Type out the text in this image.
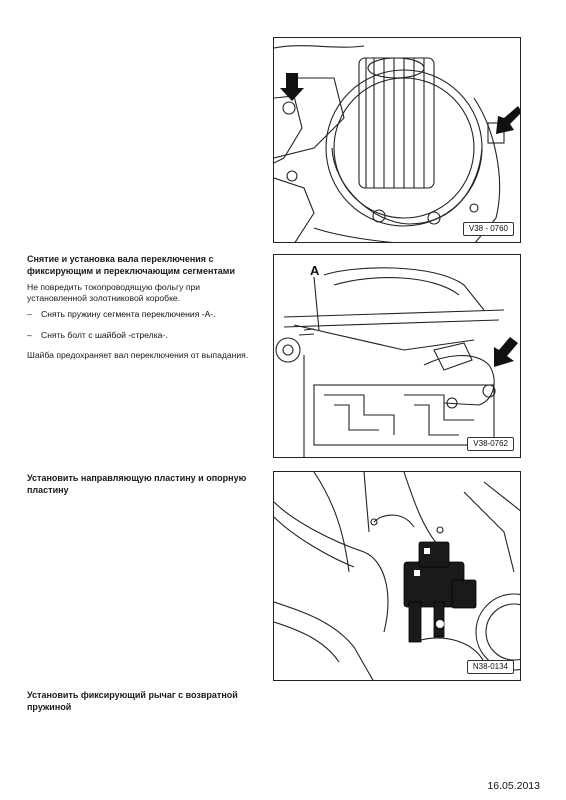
V38 - 0760
Снятие и установка вала переключения с фиксирующим и переключающим сегментами
Не повредить токопроводящую фольгу при установленной золотниковой коробке.
– Снять пружину сегмента переключения -А-.
– Снять болт с шайбой -стрелка-.
Шайба предохраняет вал переключения от выпадания.
A
V38-0762
Установить направляющую пластину и опорную пластину
N38-0134
Установить фиксирующий рычаг с возвратной пружиной
16.05.2013
